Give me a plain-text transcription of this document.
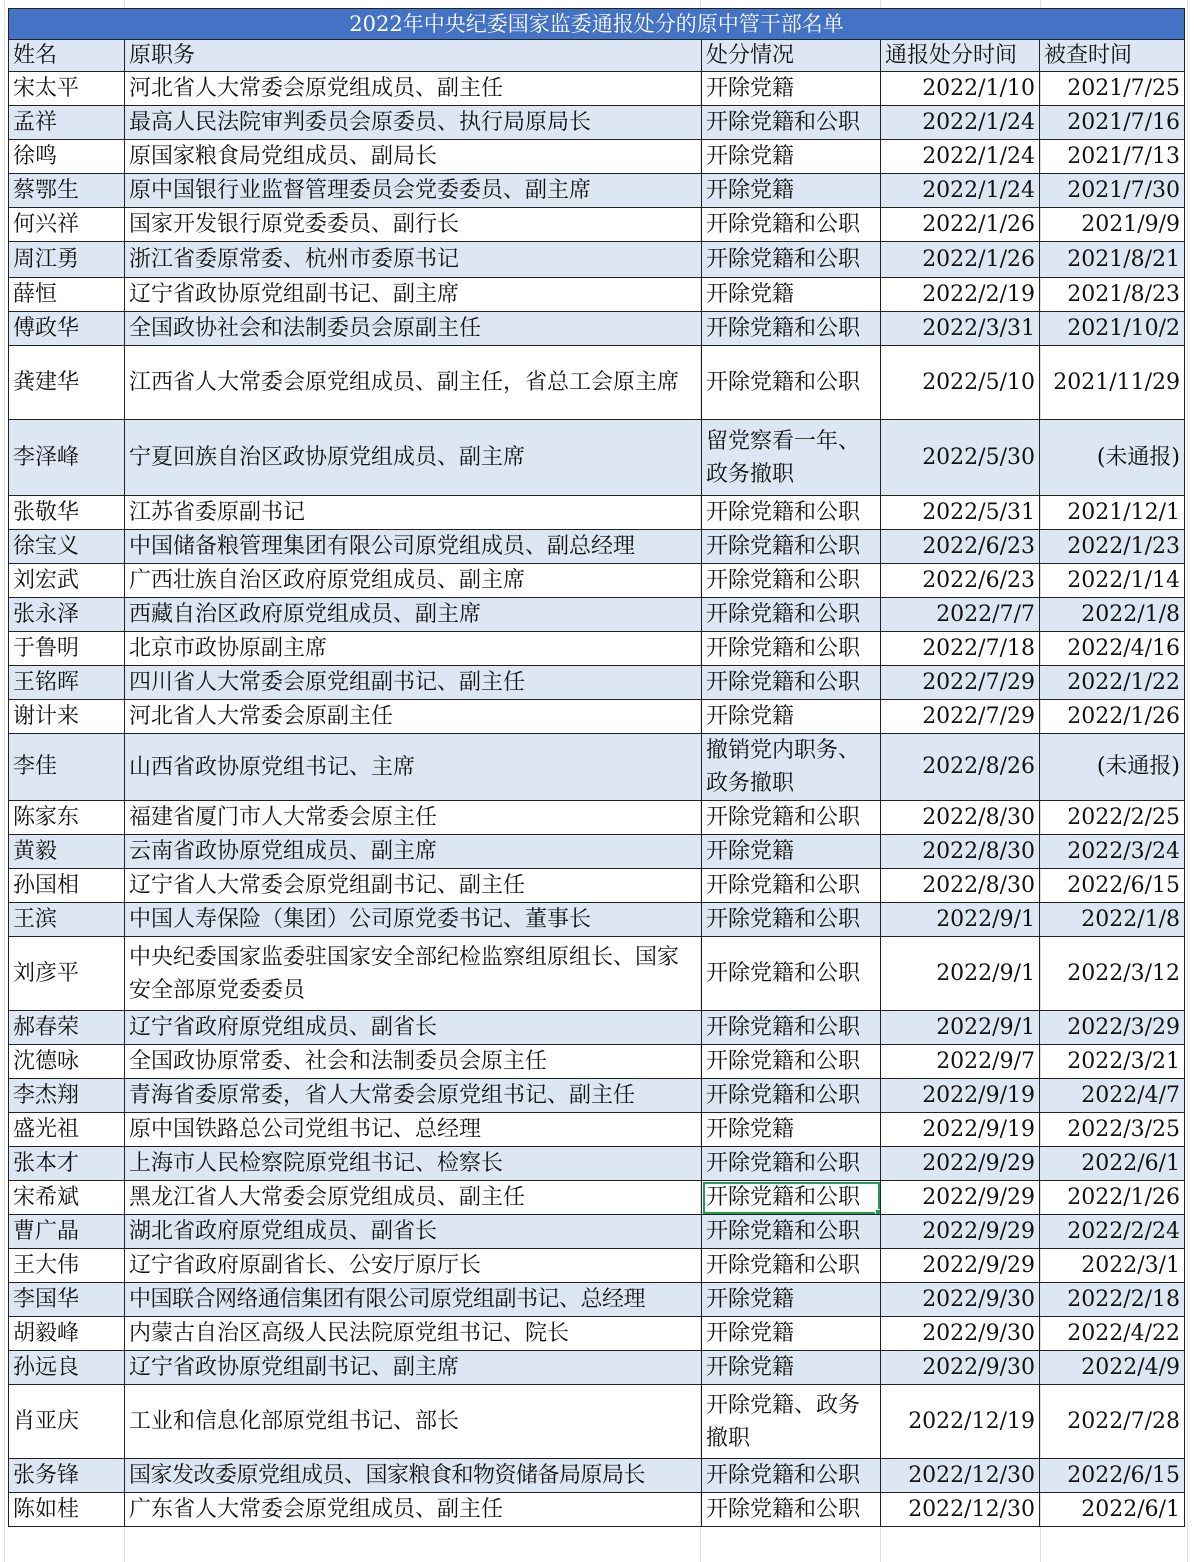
2022年中央纪委国家监委通报处分的原中管干部名单				
姓名	原职务	处分情况	通报处分时间	被查时间
宋太平	河北省人大常委会原党组成员、副主任	开除党籍	2022/1/10	2021/7/25
孟祥	最高人民法院审判委员会原委员、执行局原局长	开除党籍和公职	2022/1/24	2021/7/16
徐鸣	原国家粮食局党组成员、副局长	开除党籍	2022/1/24	2021/7/13
蔡鄂生	原中国银行业监督管理委员会党委委员、副主席	开除党籍	2022/1/24	2021/7/30
何兴祥	国家开发银行原党委委员、副行长	开除党籍和公职	2022/1/26	2021/9/9
周江勇	浙江省委原常委、杭州市委原书记	开除党籍和公职	2022/1/26	2021/8/21
薛恒	辽宁省政协原党组副书记、副主席	开除党籍	2022/2/19	2021/8/23
傅政华	全国政协社会和法制委员会原副主任	开除党籍和公职	2022/3/31	2021/10/2
龚建华	江西省人大常委会原党组成员、副主任，省总工会原主席	开除党籍和公职	2022/5/10	2021/11/29
李泽峰	宁夏回族自治区政协原党组成员、副主席	留党察看一年、政务撤职	2022/5/30	(未通报)
张敬华	江苏省委原副书记	开除党籍和公职	2022/5/31	2021/12/1
徐宝义	中国储备粮管理集团有限公司原党组成员、副总经理	开除党籍和公职	2022/6/23	2022/1/23
刘宏武	广西壮族自治区政府原党组成员、副主席	开除党籍和公职	2022/6/23	2022/1/14
张永泽	西藏自治区政府原党组成员、副主席	开除党籍和公职	2022/7/7	2022/1/8
于鲁明	北京市政协原副主席	开除党籍和公职	2022/7/18	2022/4/16
王铭晖	四川省人大常委会原党组副书记、副主任	开除党籍和公职	2022/7/29	2022/1/22
谢计来	河北省人大常委会原副主任	开除党籍	2022/7/29	2022/1/26
李佳	山西省政协原党组书记、主席	撤销党内职务、政务撤职	2022/8/26	(未通报)
陈家东	福建省厦门市人大常委会原主任	开除党籍和公职	2022/8/30	2022/2/25
黄毅	云南省政协原党组成员、副主席	开除党籍	2022/8/30	2022/3/24
孙国相	辽宁省人大常委会原党组副书记、副主任	开除党籍和公职	2022/8/30	2022/6/15
王滨	中国人寿保险（集团）公司原党委书记、董事长	开除党籍和公职	2022/9/1	2022/1/8
刘彦平	中央纪委国家监委驻国家安全部纪检监察组原组长、国家安全部原党委委员	开除党籍和公职	2022/9/1	2022/3/12
郝春荣	辽宁省政府原党组成员、副省长	开除党籍和公职	2022/9/1	2022/3/29
沈德咏	全国政协原常委、社会和法制委员会原主任	开除党籍和公职	2022/9/7	2022/3/21
李杰翔	青海省委原常委，省人大常委会原党组书记、副主任	开除党籍和公职	2022/9/19	2022/4/7
盛光祖	原中国铁路总公司党组书记、总经理	开除党籍	2022/9/19	2022/3/25
张本才	上海市人民检察院原党组书记、检察长	开除党籍和公职	2022/9/29	2022/6/1
宋希斌	黑龙江省人大常委会原党组成员、副主任	开除党籍和公职	2022/9/29	2022/1/26
曹广晶	湖北省政府原党组成员、副省长	开除党籍和公职	2022/9/29	2022/2/24
王大伟	辽宁省政府原副省长、公安厅原厅长	开除党籍和公职	2022/9/29	2022/3/1
李国华	中国联合网络通信集团有限公司原党组副书记、总经理	开除党籍	2022/9/30	2022/2/18
胡毅峰	内蒙古自治区高级人民法院原党组书记、院长	开除党籍	2022/9/30	2022/4/22
孙远良	辽宁省政协原党组副书记、副主席	开除党籍	2022/9/30	2022/4/9
肖亚庆	工业和信息化部原党组书记、部长	开除党籍、政务撤职	2022/12/19	2022/7/28
张务锋	国家发改委原党组成员、国家粮食和物资储备局原局长	开除党籍和公职	2022/12/30	2022/6/15
陈如桂	广东省人大常委会原党组成员、副主任	开除党籍和公职	2022/12/30	2022/6/1
